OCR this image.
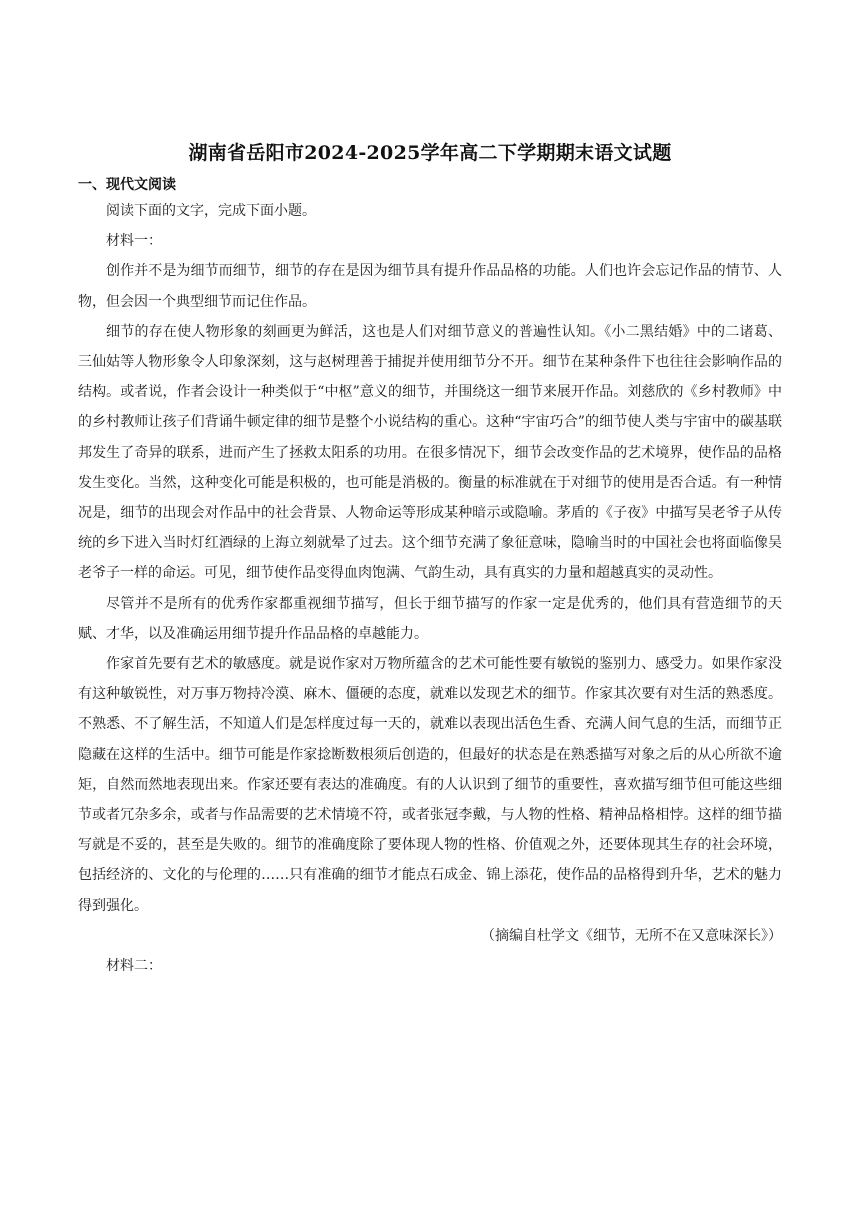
湖南省岳阳市2024-2025学年高二下学期期末语文试题
一、现代文阅读

阅读下面的文字，完成下面小题。

材料一：

创作并不是为细节而细节，细节的存在是因为细节具有提升作品品格的功能。人们也许会忘记作品的情节、人物，但会因一个典型细节而记住作品。

细节的存在使人物形象的刻画更为鲜活，这也是人们对细节意义的普遍性认知。《小二黑结婚》中的二诸葛、三仙姑等人物形象令人印象深刻，这与赵树理善于捕捉并使用细节分不开。细节在某种条件下也往往会影响作品的结构。或者说，作者会设计一种类似于“中枢”意义的细节，并围绕这一细节来展开作品。刘慈欣的《乡村教师》中的乡村教师让孩子们背诵牛顿定律的细节是整个小说结构的重心。这种“宇宙巧合”的细节使人类与宇宙中的碳基联邦发生了奇异的联系，进而产生了拯救太阳系的功用。在很多情况下，细节会改变作品的艺术境界，使作品的品格发生变化。当然，这种变化可能是积极的，也可能是消极的。衡量的标准就在于对细节的使用是否合适。有一种情况是，细节的出现会对作品中的社会背景、人物命运等形成某种暗示或隐喻。茅盾的《子夜》中描写吴老爷子从传统的乡下进入当时灯红酒绿的上海立刻就晕了过去。这个细节充满了象征意味，隐喻当时的中国社会也将面临像吴老爷子一样的命运。可见，细节使作品变得血肉饱满、气韵生动，具有真实的力量和超越真实的灵动性。

尽管并不是所有的优秀作家都重视细节描写，但长于细节描写的作家一定是优秀的，他们具有营造细节的天赋、才华，以及准确运用细节提升作品品格的卓越能力。

作家首先要有艺术的敏感度。就是说作家对万物所蕴含的艺术可能性要有敏锐的鉴别力、感受力。如果作家没有这种敏锐性，对万事万物持冷漠、麻木、僵硬的态度，就难以发现艺术的细节。作家其次要有对生活的熟悉度。不熟悉、不了解生活，不知道人们是怎样度过每一天的，就难以表现出活色生香、充满人间气息的生活，而细节正隐藏在这样的生活中。细节可能是作家捻断数根须后创造的，但最好的状态是在熟悉描写对象之后的从心所欲不逾矩，自然而然地表现出来。作家还要有表达的准确度。有的人认识到了细节的重要性，喜欢描写细节但可能这些细节或者冗杂多余，或者与作品需要的艺术情境不符，或者张冠李戴，与人物的性格、精神品格相悖。这样的细节描写就是不妥的，甚至是失败的。细节的准确度除了要体现人物的性格、价值观之外，还要体现其生存的社会环境，包括经济的、文化的与伦理的……只有准确的细节才能点石成金、锦上添花，使作品的品格得到升华，艺术的魅力得到强化。

（摘编自杜学文《细节，无所不在又意味深长》）

材料二：
